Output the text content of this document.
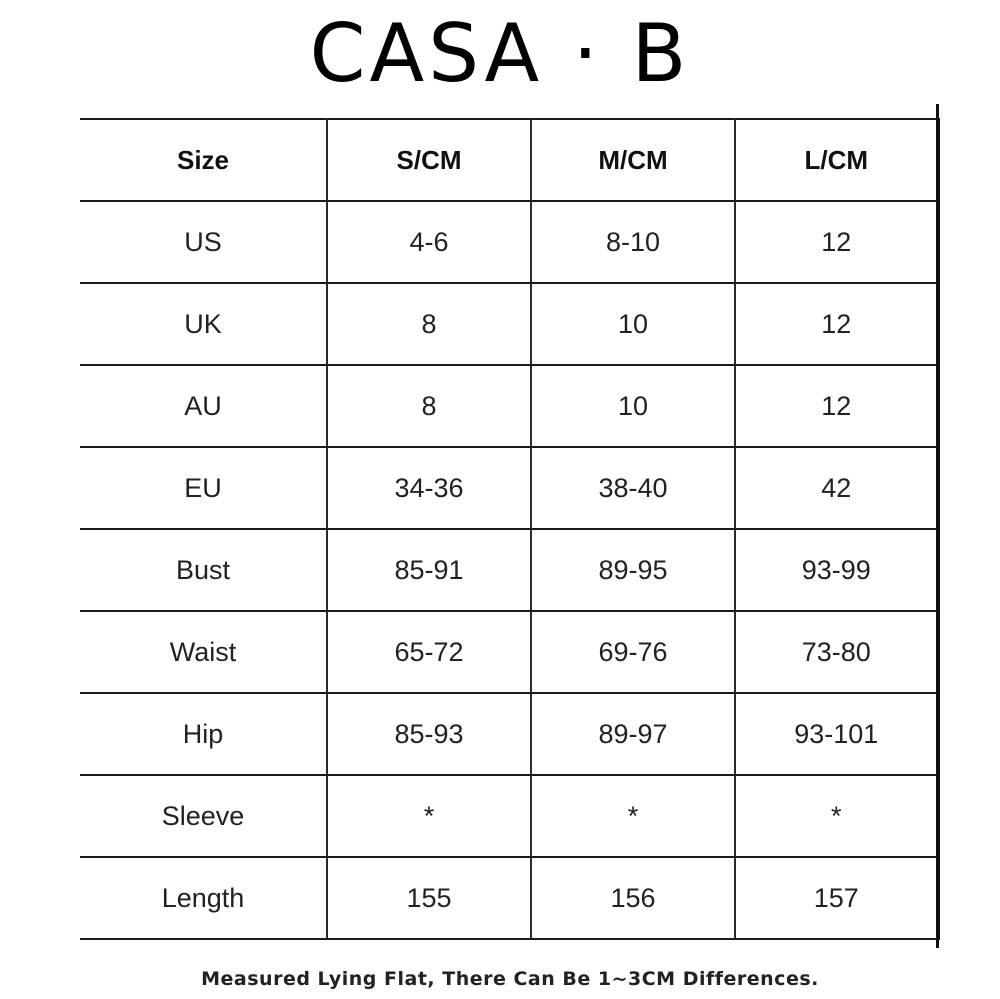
CASA · B
Size	S/CM	M/CM	L/CM
US	4-6	8-10	12
UK	8	10	12
AU	8	10	12
EU	34-36	38-40	42
Bust	85-91	89-95	93-99
Waist	65-72	69-76	73-80
Hip	85-93	89-97	93-101
Sleeve	*	*	*
Length	155	156	157
Measured Lying Flat, There Can Be 1~3CM Differences.
